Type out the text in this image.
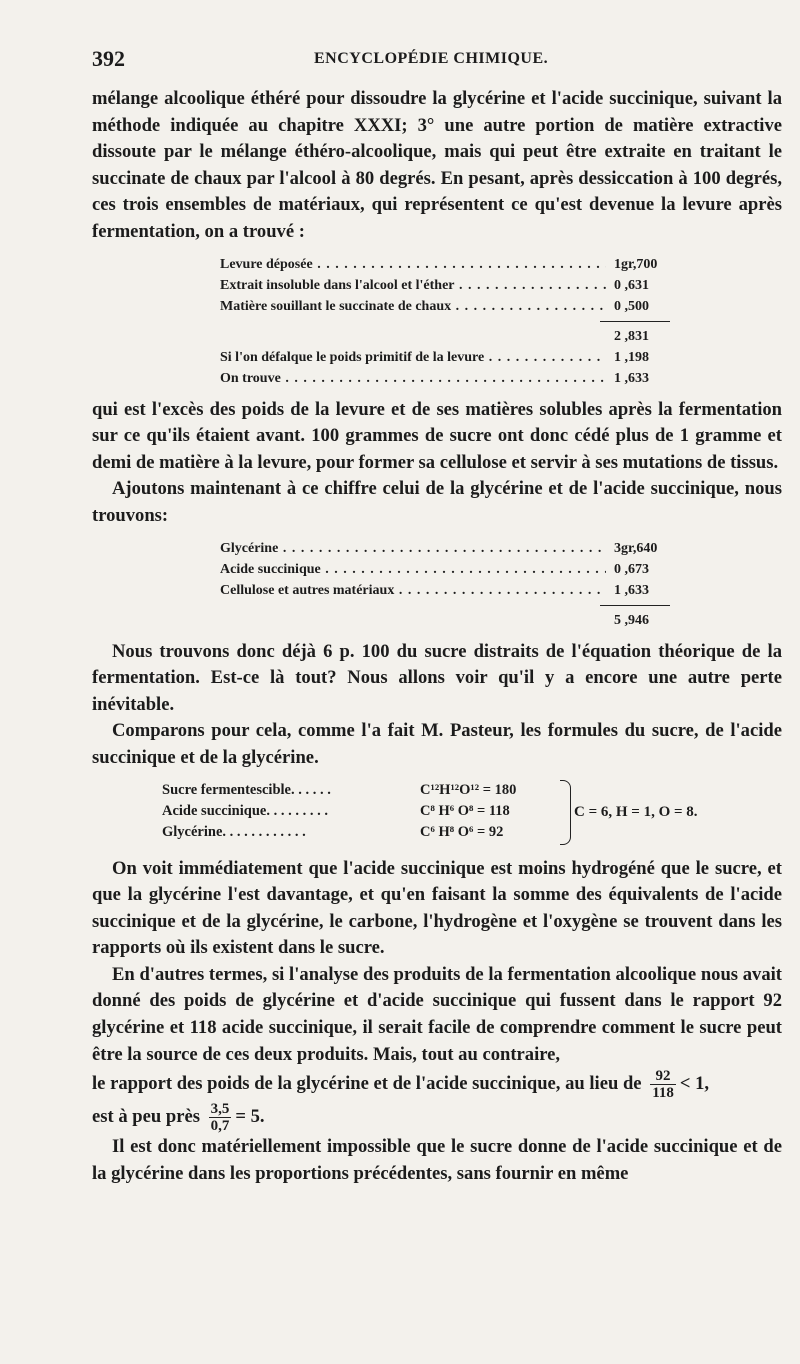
392	ENCYCLOPÉDIE CHIMIQUE.

mélange alcoolique éthéré pour dissoudre la glycérine et l'acide succinique, suivant la méthode indiquée au chapitre XXXI; 3° une autre portion de matière extractive dissoute par le mélange éthéro-alcoolique, mais qui peut être extraite en traitant le succinate de chaux par l'alcool à 80 degrés. En pesant, après dessiccation à 100 degrés, ces trois ensembles de matériaux, qui représentent ce qu'est devenue la levure après fermentation, on a trouvé :

Levure déposée . . .	1gr,700
Extrait insoluble dans l'alcool et l'éther . . .	0 ,631
Matière souillant le succinate de chaux . . .	0 ,500
2 ,831
Si l'on défalque le poids primitif de la levure . . .	1 ,198
On trouve . . .	1 ,633

qui est l'excès des poids de la levure et de ses matières solubles après la fermentation sur ce qu'ils étaient avant. 100 grammes de sucre ont donc cédé plus de 1 gramme et demi de matière à la levure, pour former sa cellulose et servir à ses mutations de tissus.

Ajoutons maintenant à ce chiffre celui de la glycérine et de l'acide succinique, nous trouvons:

Glycérine . . .	3gr,640
Acide succinique . . .	0 ,673
Cellulose et autres matériaux . . .	1 ,633
5 ,946

Nous trouvons donc déjà 6 p. 100 du sucre distraits de l'équation théorique de la fermentation. Est-ce là tout? Nous allons voir qu'il y a encore une autre perte inévitable.

Comparons pour cela, comme l'a fait M. Pasteur, les formules du sucre, de l'acide succinique et de la glycérine.

Sucre fermentescible. . . . . .	C¹²H¹²O¹² = 180
Acide succinique. . . . . . . . .	C⁸ H⁶ O⁸ = 118
Glycérine. . . . . . . . . . . .	C⁶ H⁸ O⁶ = 92
C = 6, H = 1, O = 8.

On voit immédiatement que l'acide succinique est moins hydrogéné que le sucre, et que la glycérine l'est davantage, et qu'en faisant la somme des équivalents de l'acide succinique et de la glycérine, le carbone, l'hydrogène et l'oxygène se trouvent dans les rapports où ils existent dans le sucre.

En d'autres termes, si l'analyse des produits de la fermentation alcoolique nous avait donné des poids de glycérine et d'acide succinique qui fussent dans le rapport 92 glycérine et 118 acide succinique, il serait facile de comprendre comment le sucre peut être la source de ces deux produits. Mais, tout au contraire,

le rapport des poids de la glycérine et de l'acide succinique, au lieu de $\frac{92}{118} < 1$,

est à peu près $\frac{3,5}{0,7} = 5$.

Il est donc matériellement impossible que le sucre donne de l'acide succinique et de la glycérine dans les proportions précédentes, sans fournir en même
